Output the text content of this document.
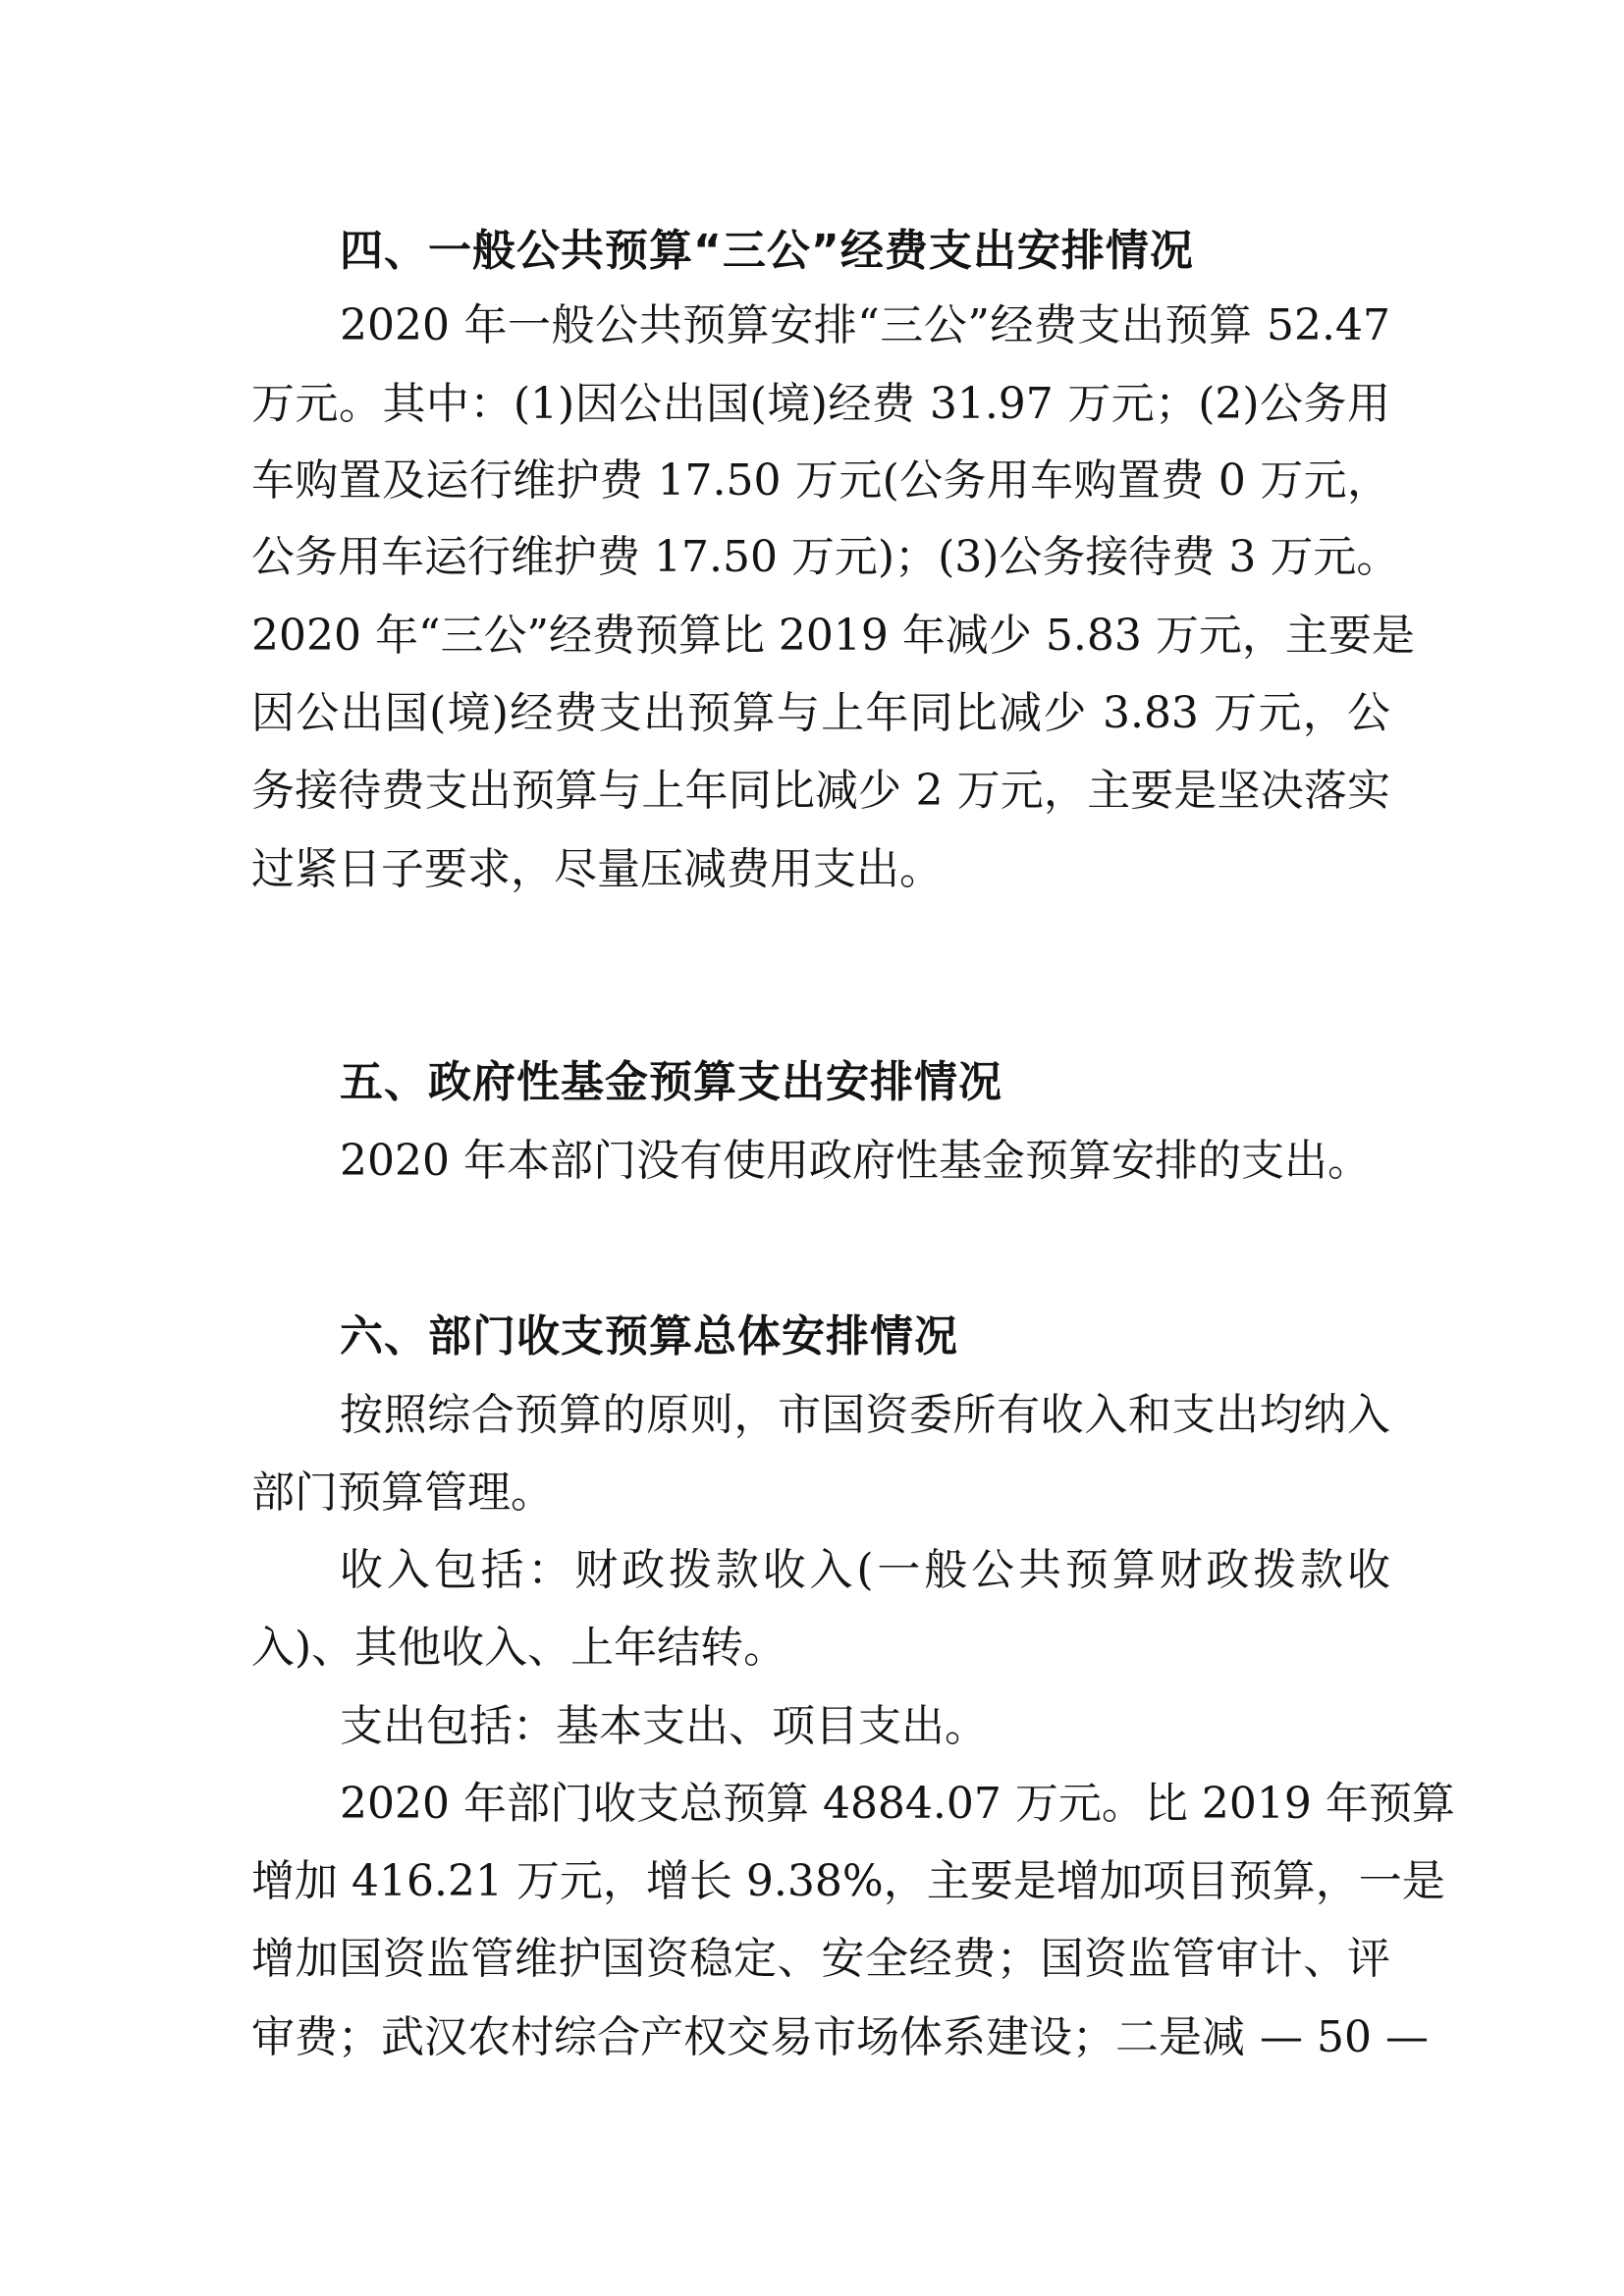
四、一般公共预算“三公”经费支出安排情况
2020 年一般公共预算安排“三公”经费支出预算 52.47
万元。其中：(1)因公出国(境)经费 31.97 万元；(2)公务用
车购置及运行维护费 17.50 万元(公务用车购置费 0 万元，
公务用车运行维护费 17.50 万元)；(3)公务接待费 3 万元。
2020 年“三公”经费预算比 2019 年减少 5.83 万元，主要是
因公出国(境)经费支出预算与上年同比减少 3.83 万元，公
务接待费支出预算与上年同比减少 2 万元，主要是坚决落实
过紧日子要求，尽量压减费用支出。
五、政府性基金预算支出安排情况
2020 年本部门没有使用政府性基金预算安排的支出。
六、部门收支预算总体安排情况
按照综合预算的原则，市国资委所有收入和支出均纳入
部门预算管理。
收入包括：财政拨款收入(一般公共预算财政拨款收
入)、其他收入、上年结转。
支出包括：基本支出、项目支出。
2020 年部门收支总预算 4884.07 万元。比 2019 年预算
增加 416.21 万元，增长 9.38%，主要是增加项目预算，一是
增加国资监管维护国资稳定、安全经费；国资监管审计、评
审费；武汉农村综合产权交易市场体系建设；二是减 — 50 —
